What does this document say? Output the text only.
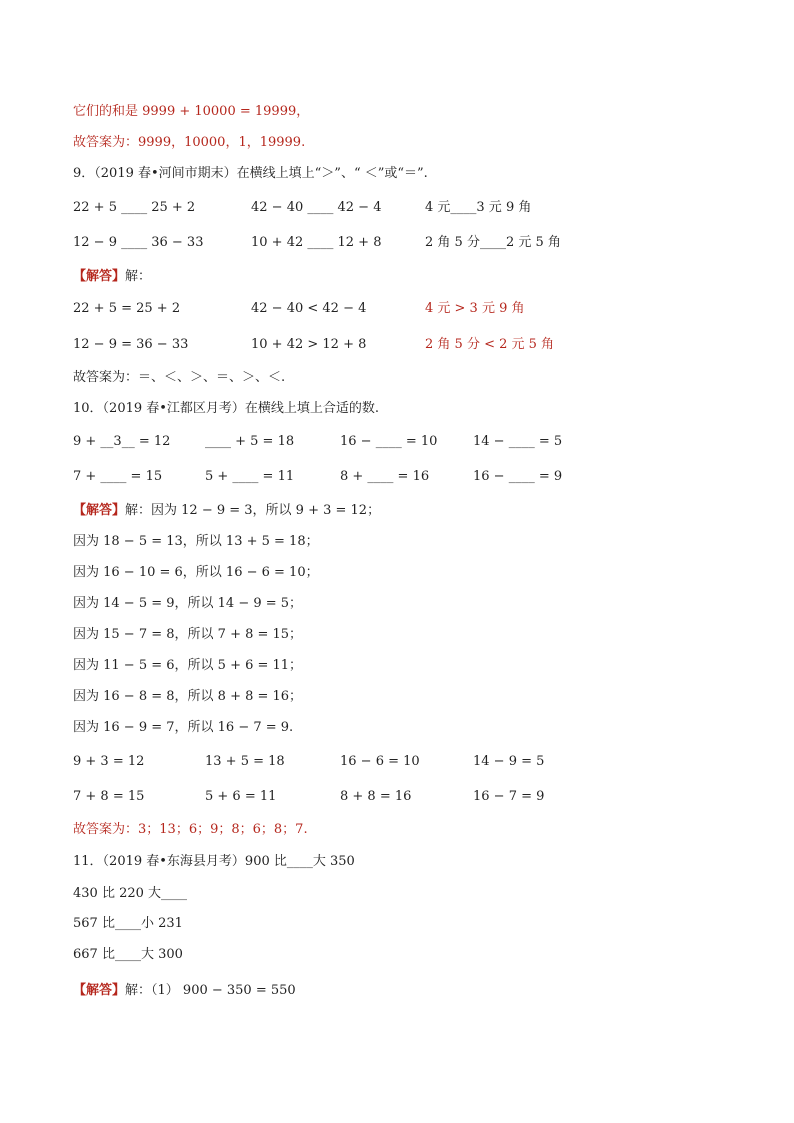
它们的和是 9999 + 10000 = 19999，
故答案为：9999，10000，1，19999.
9．（2019 春•河间市期末）在横线上填上“＞”、“ ＜”或“＝”.
22 + 5 ____ 25 + 2	42 − 40 ____ 42 − 4	4 元____3 元 9 角
12 − 9 ____ 36 − 33	10 + 42 ____ 12 + 8	2 角 5 分____2 元 5 角
【解答】解：
22 + 5 = 25 + 2	42 − 40 < 42 − 4	4 元 > 3 元 9 角
12 − 9 = 36 − 33	10 + 42 > 12 + 8	2 角 5 分 < 2 元 5 角
故答案为：＝、＜、＞、＝、＞、＜.
10．（2019 春•江都区月考）在横线上填上合适的数.
9 + __3__ = 12	____ + 5 = 18	16 − ____ = 10	14 − ____ = 5
7 + ____ = 15	5 + ____ = 11	8 + ____ = 16	16 − ____ = 9
【解答】解：因为 12 − 9 = 3，所以 9 + 3 = 12；
因为 18 − 5 = 13，所以 13 + 5 = 18；
因为 16 − 10 = 6，所以 16 − 6 = 10；
因为 14 − 5 = 9，所以 14 − 9 = 5；
因为 15 − 7 = 8，所以 7 + 8 = 15；
因为 11 − 5 = 6，所以 5 + 6 = 11；
因为 16 − 8 = 8，所以 8 + 8 = 16；
因为 16 − 9 = 7，所以 16 − 7 = 9.
9 + 3 = 12	13 + 5 = 18	16 − 6 = 10	14 − 9 = 5
7 + 8 = 15	5 + 6 = 11	8 + 8 = 16	16 − 7 = 9
故答案为：3；13；6；9；8；6；8；7.
11．（2019 春•东海县月考）900 比____大 350
430 比 220 大____
567 比____小 231
667 比____大 300
【解答】解：（1） 900 − 350 = 550
